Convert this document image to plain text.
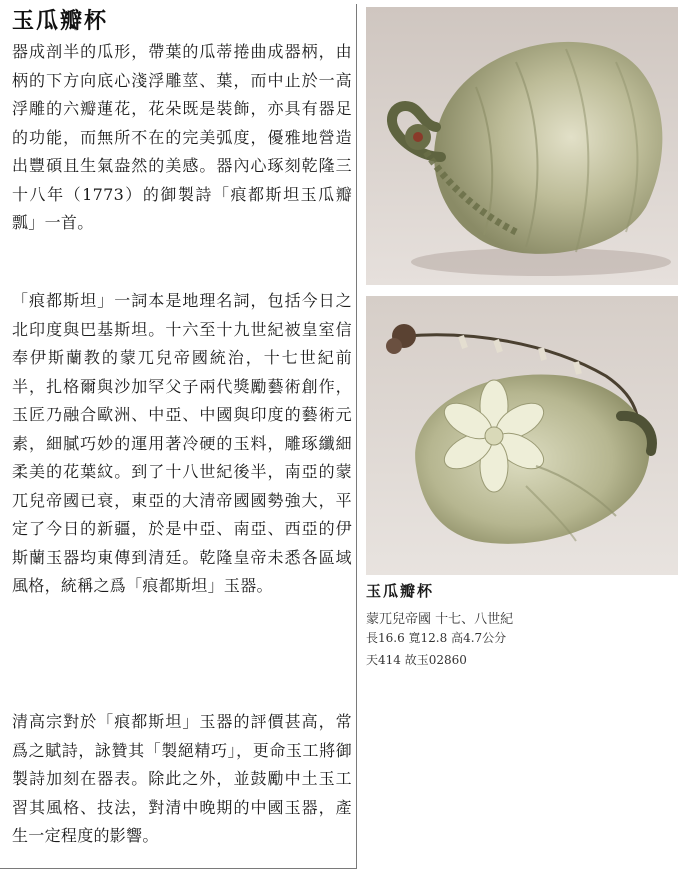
玉瓜瓣杯
器成剖半的瓜形，帶葉的瓜蒂捲曲成器柄，由柄的下方向底心淺浮雕莖、葉，而中止於一高浮雕的六瓣蓮花，花朵既是裝飾，亦具有器足的功能，而無所不在的完美弧度，優雅地營造出豐碩且生氣盎然的美感。器內心琢刻乾隆三十八年（1773）的御製詩「痕都斯坦玉瓜瓣瓢」一首。
「痕都斯坦」一詞本是地理名詞，包括今日之北印度與巴基斯坦。十六至十九世紀被皇室信奉伊斯蘭教的蒙兀兒帝國統治，十七世紀前半，扎格爾與沙加罕父子兩代獎勵藝術創作，玉匠乃融合歐洲、中亞、中國與印度的藝術元素，細膩巧妙的運用著冷硬的玉料，雕琢纖細柔美的花葉紋。到了十八世紀後半，南亞的蒙兀兒帝國已衰，東亞的大清帝國國勢強大，平定了今日的新疆，於是中亞、南亞、西亞的伊斯蘭玉器均東傳到清廷。乾隆皇帝未悉各區域風格，統稱之爲「痕都斯坦」玉器。
清高宗對於「痕都斯坦」玉器的評價甚高，常爲之賦詩，詠贊其「製絕精巧」，更命玉工將御製詩加刻在器表。除此之外，並鼓勵中土玉工習其風格、技法，對清中晚期的中國玉器，產生一定程度的影響。
玉瓜瓣杯
蒙兀兒帝國 十七、八世紀
長16.6 寬12.8 高4.7公分
天414 故玉02860
